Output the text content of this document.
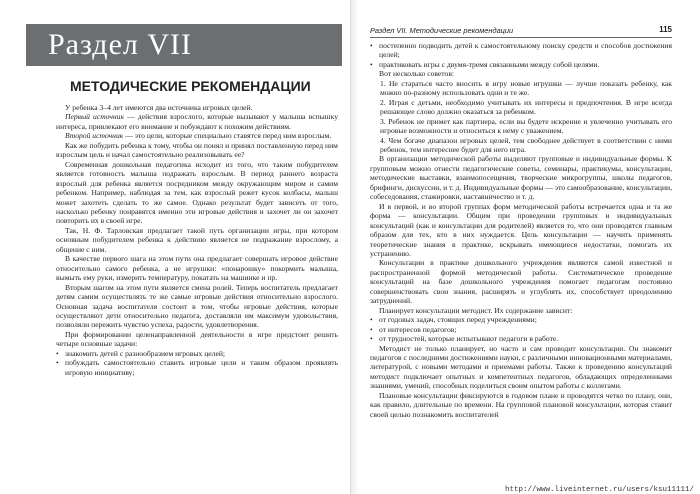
Раздел VII
МЕТОДИЧЕСКИЕ РЕКОМЕНДАЦИИ

У ребенка 3–4 лет имеются два источника игровых целей.

Первый источник — действия взрослого, которые вызывают у малыша вспышку интереса, привлекают его внимание и побуждают к похожим действиям.

Второй источник — это цели, которые специально ставятся перед ним взрослым.

Как же побудить ребенка к тому, чтобы он понял и принял поставленную перед ним взрослым цель и начал самостоятельно реализовывать ее?

Современная дошкольная педагогика исходит из того, что таким побудителем является готовность малыша подражать взрослым. В период раннего возраста взрослый для ребенка является посредником между окружающим миром и самим ребенком. Например, наблюдая за тем, как взрослый режет кусок колбасы, малыш может захотеть сделать то же самое. Однако результат будет зависеть от того, насколько ребенку понравятся именно эти игровые действия и захочет ли он захочет повторить их в своей игре.

Так, Н. Ф. Тарловская предлагает такой путь организации игры, при котором основным побудителем ребенка к действию является не подражание взрослому, а общение с ним.

В качестве первого шага на этом пути она предлагает совершать игровое действие относительно самого ребенка, а не игрушки: «понарошку» покормить малыша, вымыть ему руки, измерить температуру, покатать на машинке и пр.

Вторым шагом на этом пути является смена ролей. Теперь воспитатель предлагает детям самим осуществлять те же самые игровые действия относительно взрослого. Основная задача воспитателя состоит в том, чтобы игровые действия, которые осуществляют дети относительно педагога, доставляли им максимум удовольствия, позволяли пережить чувство успеха, радости, удовлетворения.

При формировании целенаправленной деятельности в игре предстоит решить четыре основные задачи:

• знакомить детей с разнообразием игровых целей;
• побуждать самостоятельно ставить игровые цели и таким образом проявлять игровую инициативу;
Раздел VII. Методические рекомендации	115
• постепенно подводить детей к самостоятельному поиску средств и способов достижения целей;
• практиковать игры с двумя-тремя связанными между собой целями.

Вот несколько советов:

1. Не стараться часто вносить в игру новые игрушки — лучше показать ребенку, как можно по-разному использовать одни и те же.
2. Играя с детьми, необходимо учитывать их интересы и предпочтения. В игре всегда решающее слово должно оказаться за ребенком.
3. Ребенок не примет как партнера, если вы будете искренне и увлеченно учитывать его игровые возможности и относиться к нему с уважением.
4. Чем богаче диапазон игровых целей, тем свободнее действует в соответствии с ними ребенок, тем интереснее будет для него игра.

В организации методической работы выделяют групповые и индивидуальные формы. К групповым можно отнести педагогические советы, семинары, практикумы, консультации, методические выставки, взаимопосещения, творческие микрогруппы, школы педагогов, брифинги, дискуссии, и т. д. Индивидуальные формы — это самообразование, консультации, собеседования, стажировки, наставничество и т. д.

И в первой, и во второй группах форм методической работы встречается одна и та же форма — консультации. Общим при проведении групповых и индивидуальных консультаций (как и консультации для родителей) является то, что они проводятся главным образом для тех, кто в них нуждается. Цель консультации — научить применять теоретические знания в практике, вскрывать имеющиеся недостатки, помогать их устранению.

Консультации в практике дошкольного учреждения являются самой известной и распространенной формой методической работы. Систематическое проведение консультаций на базе дошкольного учреждения помогает педагогам постоянно совершенствовать свои знания, расширять и углублять их, способствует преодолению затруднений.

Планирует консультации методист. Их содержание зависит:

• от годовых задач, стоящих перед учреждениями;
• от интересов педагогов;
• от трудностей, которые испытывают педагоги в работе.

Методист не только планирует, но часто и сам проводит консультации. Он знакомит педагогов с последними достижениями науки, с различными инновационными материалами, литературой, с новыми методами и приемами работы. Также к проведению консультаций методист подключает опытных и компетентных педагогов, обладающих определенными знаниями, умений, способных поделиться своим опытом работы с коллегами.

Плановые консультации фиксируются в годовом плане и проводятся четко по плану, они, как правило, длительные по времени. На групповой плановой консультации, которая ставит своей целью познакомить воспитателей

http://www.liveinternet.ru/users/ksu11111/
